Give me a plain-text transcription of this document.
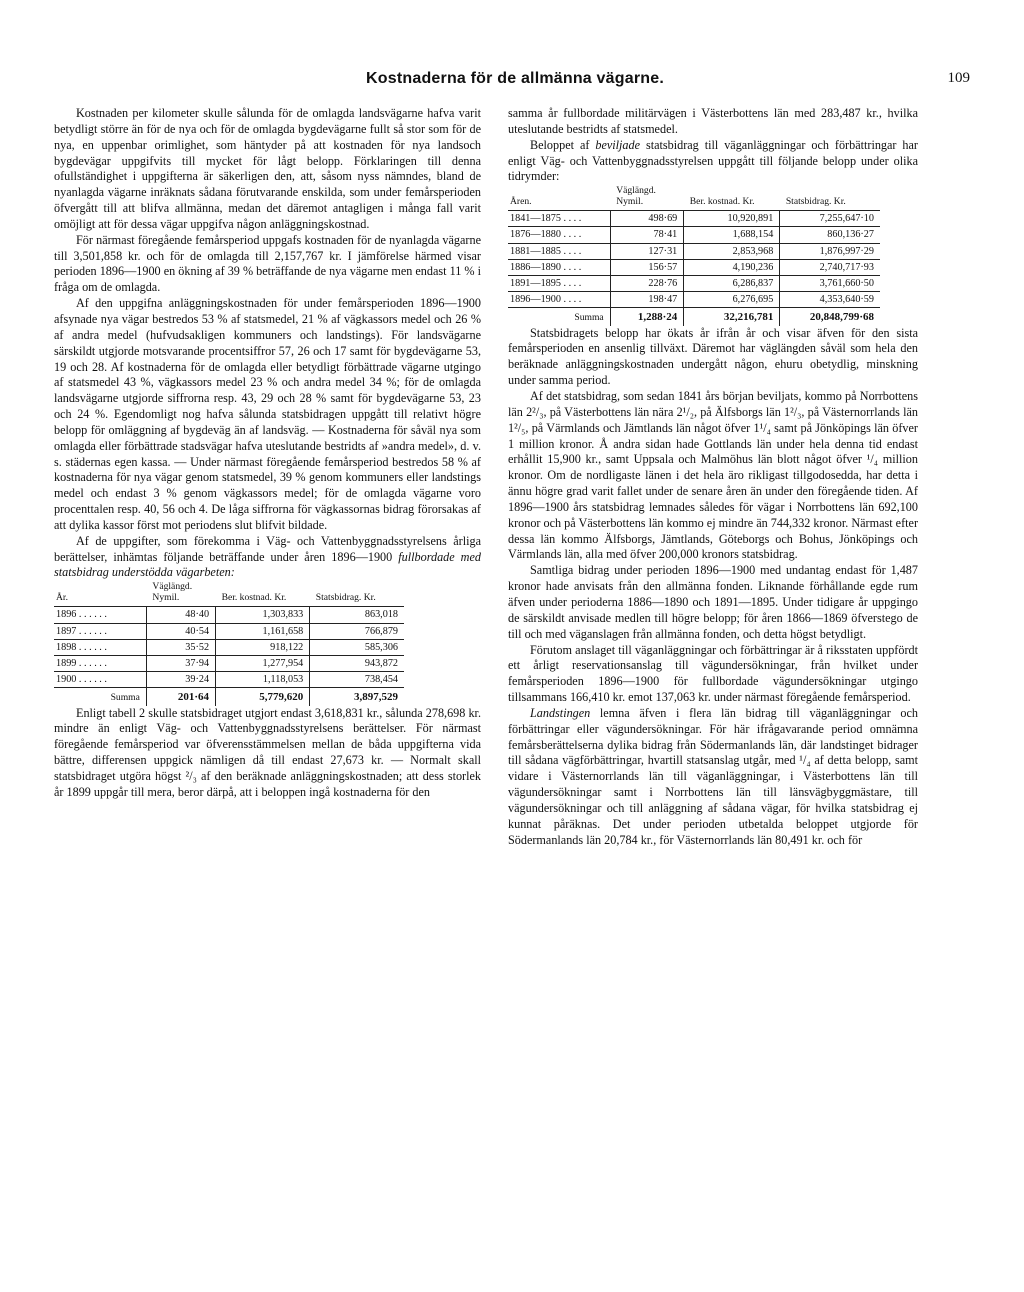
Kostnaderna för de allmänna vägarne.	109

Kostnaden per kilometer skulle sålunda för de omlagda landsvägarne hafva varit betydligt större än för de nya och för de omlagda bygdevägarne fullt så stor som för de nya, en uppenbar orimlighet, som häntyder på att kostnaden för nya landsoch bygdevägar uppgifvits till mycket för lågt belopp. Förklaringen till denna ofullständighet i uppgifterna är säkerligen den, att, såsom nyss nämndes, bland de nyanlagda vägarne inräknats sådana förutvarande enskilda, som under femårsperioden öfvergått till att blifva allmänna, medan det däremot antagligen i många fall varit omöjligt att för dessa vägar uppgifva någon anläggningskostnad.

För närmast föregående femårsperiod uppgafs kostnaden för de nyanlagda vägarne till 3,501,858 kr. och för de omlagda till 2,157,767 kr. I jämförelse härmed visar perioden 1896—1900 en ökning af 39 % beträffande de nya vägarne men endast 11 % i fråga om de omlagda.

Af den uppgifna anläggningskostnaden för under femårsperioden 1896—1900 afsynade nya vägar bestredos 53 % af statsmedel, 21 % af vägkassors medel och 26 % af andra medel (hufvudsakligen kommuners och landstings). För landsvägarne särskildt utgjorde motsvarande procentsiffror 57, 26 och 17 samt för bygdevägarne 53, 19 och 28. Af kostnaderna för de omlagda eller betydligt förbättrade vägarne utgingo af statsmedel 43 %, vägkassors medel 23 % och andra medel 34 %; för de omlagda landsvägarne utgjorde siffrorna resp. 43, 29 och 28 % samt för bygdevägarne 53, 23 och 24 %. Egendomligt nog hafva sålunda statsbidragen uppgått till relativt högre belopp för omläggning af bygdeväg än af landsväg. — Kostnaderna för såväl nya som omlagda eller förbättrade stadsvägar hafva uteslutande bestridts af »andra medel», d. v. s. städernas egen kassa. — Under närmast föregående femårsperiod bestredos 58 % af kostnaderna för nya vägar genom statsmedel, 39 % genom kommuners eller landstings medel och endast 3 % genom vägkassors medel; för de omlagda vägarne voro procenttalen resp. 40, 56 och 4. De låga siffrorna för vägkassornas bidrag förorsakas af att dylika kassor först mot periodens slut blifvit bildade.

Af de uppgifter, som förekomma i Väg- och Vattenbyggnadsstyrelsens årliga berättelser, inhämtas följande beträffande under åren 1896—1900 fullbordade med statsbidrag understödda vägarbeten:

År.	Väglängd. Nymil.	Ber. kostnad. Kr.	Statsbidrag. Kr.
1896 . . . . . .	48·40	1,303,833	863,018
1897 . . . . . .	40·54	1,161,658	766,879
1898 . . . . . .	35·52	918,122	585,306
1899 . . . . . .	37·94	1,277,954	943,872
1900 . . . . . .	39·24	1,118,053	738,454
Summa	201·64	5,779,620	3,897,529

Enligt tabell 2 skulle statsbidraget utgjort endast 3,618,831 kr., sålunda 278,698 kr. mindre än enligt Väg- och Vattenbyggnadsstyrelsens berättelser. För närmast föregående femårsperiod var öfverensstämmelsen mellan de båda uppgifterna vida bättre, differensen uppgick nämligen då till endast 27,673 kr. — Normalt skall statsbidraget utgöra högst ²/₃ af den beräknade anläggningskostnaden; att dess storlek år 1899 uppgår till mera, beror därpå, att i beloppen ingå kostnaderna för den

samma år fullbordade militärvägen i Västerbottens län med 283,487 kr., hvilka uteslutande bestridts af statsmedel.

Beloppet af beviljade statsbidrag till väganläggningar och förbättringar har enligt Väg- och Vattenbyggnadsstyrelsen uppgått till följande belopp under olika tidrymder:

Åren.	Väglängd. Nymil.	Ber. kostnad. Kr.	Statsbidrag. Kr.
1841—1875 . . . .	498·69	10,920,891	7,255,647·10
1876—1880 . . . .	78·41	1,688,154	860,136·27
1881—1885 . . . .	127·31	2,853,968	1,876,997·29
1886—1890 . . . .	156·57	4,190,236	2,740,717·93
1891—1895 . . . .	228·76	6,286,837	3,761,660·50
1896—1900 . . . .	198·47	6,276,695	4,353,640·59
Summa	1,288·24	32,216,781	20,848,799·68

Statsbidragets belopp har ökats år ifrån år och visar äfven för den sista femårsperioden en ansenlig tillväxt. Däremot har väglängden såväl som hela den beräknade anläggningskostnaden undergått någon, ehuru obetydlig, minskning under samma period.

Af det statsbidrag, som sedan 1841 års början beviljats, kommo på Norrbottens län 2²/₃, på Västerbottens län nära 2¹/₂, på Älfsborgs län 1²/₃, på Västernorrlands län 1²/₅, på Värmlands och Jämtlands län något öfver 1¹/₄ samt på Jönköpings län öfver 1 million kronor. Å andra sidan hade Gottlands län under hela denna tid endast erhållit 15,900 kr., samt Uppsala och Malmöhus län blott något öfver ¹/₄ million kronor. Om de nordligaste länen i det hela äro rikligast tillgodosedda, har detta i ännu högre grad varit fallet under de senare åren än under den föregående tiden. Af 1896—1900 års statsbidrag lemnades således för vägar i Norrbottens län 692,100 kronor och på Västerbottens län kommo ej mindre än 744,332 kronor. Närmast efter dessa län kommo Älfsborgs, Jämtlands, Göteborgs och Bohus, Jönköpings och Värmlands län, alla med öfver 200,000 kronors statsbidrag.

Samtliga bidrag under perioden 1896—1900 med undantag endast för 1,487 kronor hade anvisats från den allmänna fonden. Liknande förhållande egde rum äfven under perioderna 1886—1890 och 1891—1895. Under tidigare år uppgingo de särskildt anvisade medlen till högre belopp; för åren 1866—1869 öfverstego de till och med väganslagen från allmänna fonden, och detta högst betydligt.

Förutom anslaget till väganläggningar och förbättringar är å riksstaten uppfördt ett årligt reservationsanslag till vägundersökningar, från hvilket under femårsperioden 1896—1900 för fullbordade vägundersökningar utgingo tillsammans 166,410 kr. emot 137,063 kr. under närmast föregående femårsperiod.

Landstingen lemna äfven i flera län bidrag till väganläggningar och förbättringar eller vägundersökningar. För här ifrågavarande period omnämna femårsberättelserna dylika bidrag från Södermanlands län, där landstinget bidrager till sådana vägförbättringar, hvartill statsanslag utgår, med ¹/₄ af detta belopp, samt vidare i Västernorrlands län till väganläggningar, i Västerbottens län till vägundersökningar samt i Norrbottens län till länsvägbyggmästare, till vägundersökningar och till anläggning af sådana vägar, för hvilka statsbidrag ej kunnat påräknas. Det under perioden utbetalda beloppet utgjorde för Södermanlands län 20,784 kr., för Västernorrlands län 80,491 kr. och för
